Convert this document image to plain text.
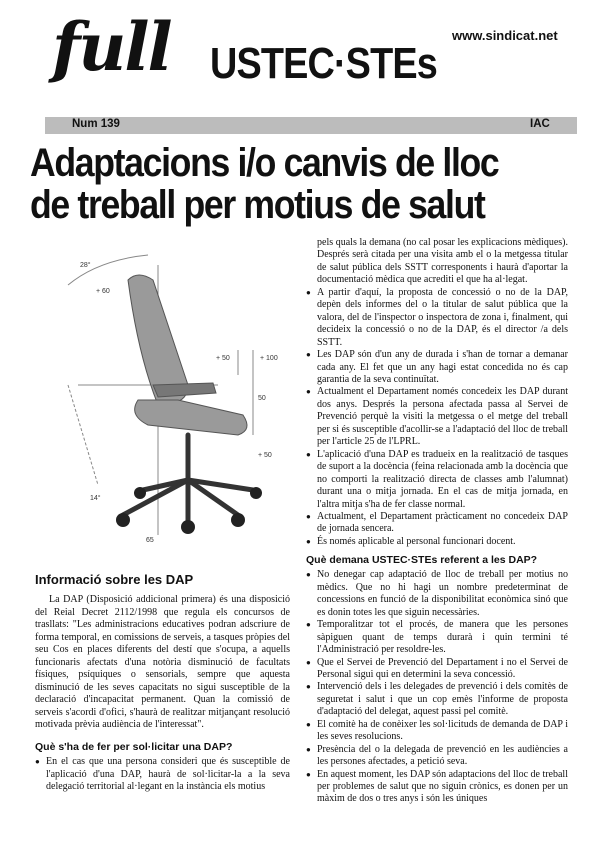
www.sindicat.net
full USTEC·STEs
Num 139	IAC
Adaptacions i/o canvis de lloc
de treball per motius de salut
28°
+ 60
+ 50	+ 100
50
14°
+ 50
65
Informació sobre les DAP

La DAP (Disposició addicional primera) és una disposició del Reial Decret 2112/1998 que regula els concursos de trasllats: "Les administracions educatives podran adscriure de forma temporal, en comissions de serveis, a tasques pròpies del seu Cos en places diferents del destí que s'ocupa, a aquells funcionaris afectats d'una notòria disminució de facultats físiques, psíquiques o sensorials, sempre que aquesta disminució de les seves capacitats no sigui susceptible de la declaració d'incapacitat permanent. Quan la comissió de serveis s'acordi d'ofici, s'haurà de realitzar mitjançant resolució motivada prèvia audiència de l'interessat".

Què s'ha de fer per sol·licitar una DAP?
● En el cas que una persona consideri que és susceptible de l'aplicació d'una DAP, haurà de sol·licitar-la a la seva delegació territorial al·legant en la instància els motius

pels quals la demana (no cal posar les explicacions mèdiques). Després serà citada per una visita amb el o la metgessa titular de salut pública dels SSTT corresponents i haurà d'aportar la documentació mèdica que acrediti el que ha al·legat.

● A partir d'aquí, la proposta de concessió o no de la DAP, depèn dels informes del o la titular de salut pública que la valora, del de l'inspector o inspectora de zona i, finalment, qui decideix la concessió o no de la DAP, és el director /a dels SSTT.
● Les DAP són d'un any de durada i s'han de tornar a demanar cada any. El fet que un any hagi estat concedida no és cap garantia de la seva continuïtat.
● Actualment el Departament només concedeix les DAP durant dos anys. Després la persona afectada passa al Servei de Prevenció perquè la visiti la metgessa o el metge del treball per si és susceptible d'acollir-se a l'adaptació del lloc de treball per l'article 25 de l'LPRL.
● L'aplicació d'una DAP es tradueix en la realització de tasques de suport a la docència (feina relacionada amb la docència que no comporti la realització directa de classes amb l'alumnat) durant una o mitja jornada. En el cas de mitja jornada, en l'altra mitja s'ha de fer classe normal.
● Actualment, el Departament pràcticament no concedeix DAP de jornada sencera.
● És només aplicable al personal funcionari docent.
Què demana USTEC·STEs referent a les DAP?
● No denegar cap adaptació de lloc de treball per motius no mèdics. Que no hi hagi un nombre predeterminat de concessions en funció de la disponibilitat econòmica sinó que es donin totes les que siguin necessàries.
● Temporalitzar tot el procés, de manera que les persones sàpiguen quant de temps durarà i quin termini té l'Administració per resoldre-les.
● Que el Servei de Prevenció del Departament i no el Servei de Personal sigui qui en determini la seva concessió.
● Intervenció dels i les delegades de prevenció i dels comitès de seguretat i salut i que un cop emès l'informe de proposta d'adaptació del delegat, aquest passi pel comitè.
● El comitè ha de conèixer les sol·licituds de demanda de DAP i les seves resolucions.
● Presència del o la delegada de prevenció en les audiències a les persones afectades, a petició seva.
● En aquest moment, les DAP són adaptacions del lloc de treball per problemes de salut que no siguin crònics, es donen per un màxim de dos o tres anys i són les úniques
